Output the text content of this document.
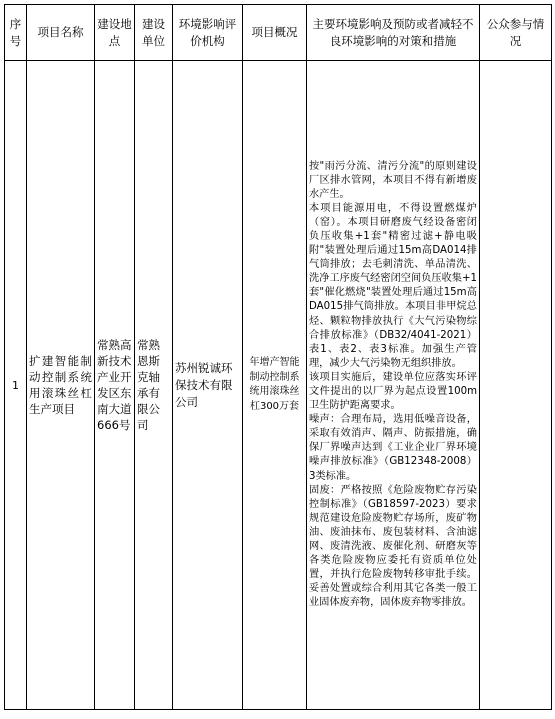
序号	项目名称	建设地点	建设单位	环境影响评价机构	项目概况	主要环境影响及预防或者减轻不良环境影响的对策和措施	公众参与情况
1	扩建智能制动控制系统用滚珠丝杠生产项目	常熟高新技术产业开发区东南大道666号	常熟恩斯克轴承有限公司	苏州锐诚环保技术有限公司	年增产智能制动控制系统用滚珠丝杠300万套	按"雨污分流、清污分流"的原则建设厂区排水管网，本项目不得有新增废水产生。

本项目能源用电，不得设置燃煤炉（窑）。本项目研磨废气经设备密闭负压收集+1套"精密过滤+静电吸附"装置处理后通过15m高DA014排气筒排放；去毛刺清洗、单品清洗、洗净工序废气经密闭空间负压收集+1套"催化燃烧"装置处理后通过15m高DA015排气筒排放。本项目非甲烷总烃、颗粒物排放执行《大气污染物综合排放标准》（DB32/4041-2021）表1、表2、表3标准。加强生产管理，减少大气污染物无组织排放。

该项目实施后，建设单位应落实环评文件提出的以厂界为起点设置100m卫生防护距离要求。

噪声：合理布局，选用低噪音设备，采取有效消声、隔声、防振措施，确保厂界噪声达到《工业企业厂界环境噪声排放标准》（GB12348-2008）3类标准。

固废：严格按照《危险废物贮存污染控制标准》（GB18597-2023）要求规范建设危险废物贮存场所，废矿物油、废油抹布、废包装材料、含油滤网、废清洗液、废催化剂、研磨灰等各类危险废物应委托有资质单位处置，并执行危险废物转移审批手续。妥善处置或综合利用其它各类一般工业固体废弃物，固体废弃物零排放。	
